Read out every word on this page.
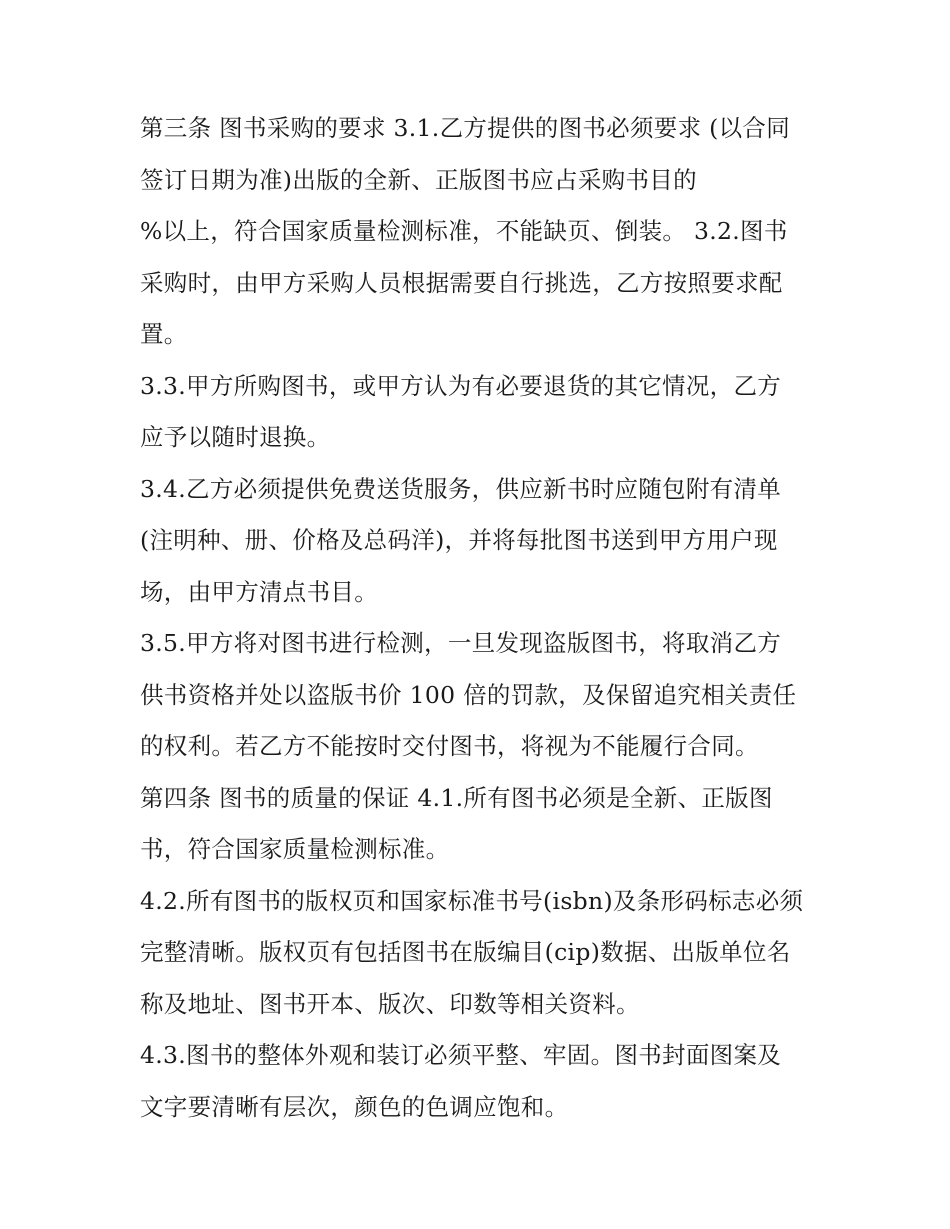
第三条 图书采购的要求 3.1.乙方提供的图书必须要求 (以合同
签订日期为准)出版的全新、正版图书应占采购书目的
%以上，符合国家质量检测标准，不能缺页、倒装。 3.2.图书
采购时，由甲方采购人员根据需要自行挑选，乙方按照要求配
置。
3.3.甲方所购图书，或甲方认为有必要退货的其它情况，乙方
应予以随时退换。
3.4.乙方必须提供免费送货服务，供应新书时应随包附有清单
(注明种、册、价格及总码洋)，并将每批图书送到甲方用户现
场，由甲方清点书目。
3.5.甲方将对图书进行检测，一旦发现盗版图书，将取消乙方
供书资格并处以盗版书价 100 倍的罚款，及保留追究相关责任
的权利。若乙方不能按时交付图书，将视为不能履行合同。
第四条 图书的质量的保证 4.1.所有图书必须是全新、正版图
书，符合国家质量检测标准。
4.2.所有图书的版权页和国家标准书号(isbn)及条形码标志必须
完整清晰。版权页有包括图书在版编目(cip)数据、出版单位名
称及地址、图书开本、版次、印数等相关资料。
4.3.图书的整体外观和装订必须平整、牢固。图书封面图案及
文字要清晰有层次，颜色的色调应饱和。
